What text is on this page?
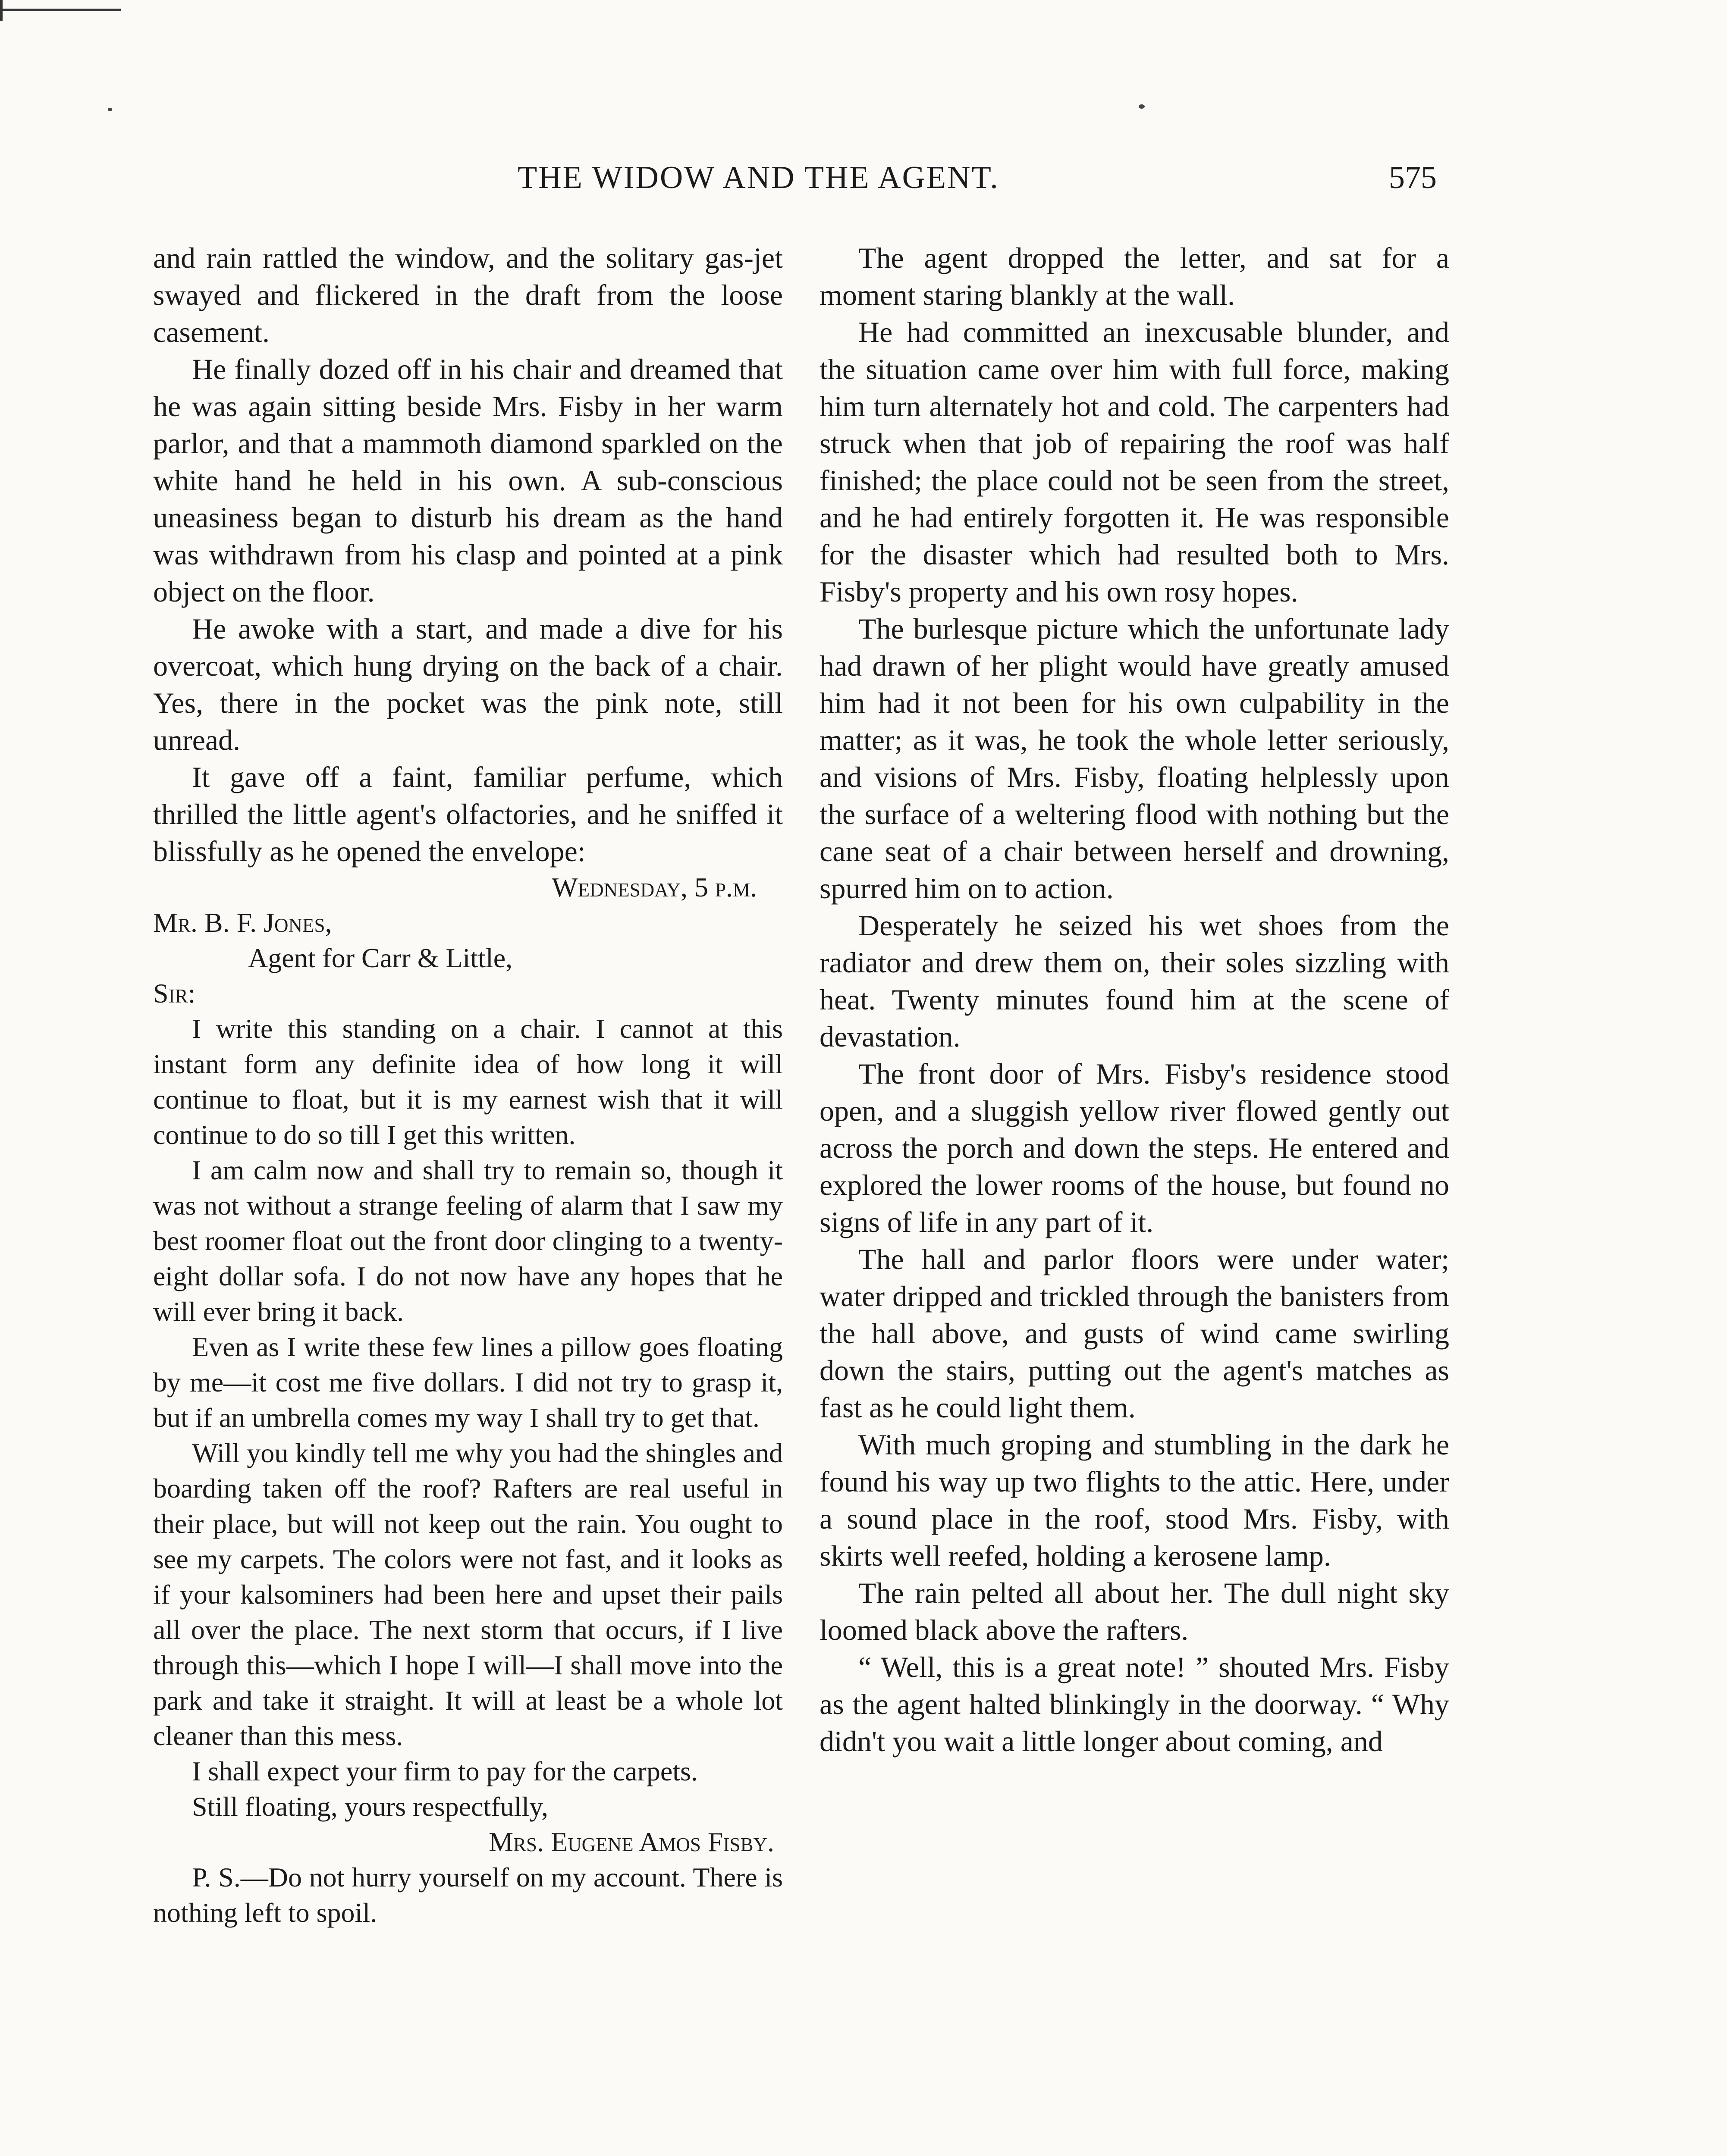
THE WIDOW AND THE AGENT.	575

and rain rattled the window, and the solitary gas-jet swayed and flickered in the draft from the loose casement.

He finally dozed off in his chair and dreamed that he was again sitting beside Mrs. Fisby in her warm parlor, and that a mammoth diamond sparkled on the white hand he held in his own. A sub-conscious uneasiness began to disturb his dream as the hand was withdrawn from his clasp and pointed at a pink object on the floor.

He awoke with a start, and made a dive for his overcoat, which hung drying on the back of a chair. Yes, there in the pocket was the pink note, still unread.

It gave off a faint, familiar perfume, which thrilled the little agent's olfactories, and he sniffed it blissfully as he opened the envelope:

Wednesday, 5 p.m.

Mr. B. F. Jones,

Agent for Carr & Little,

Sir:

I write this standing on a chair. I cannot at this instant form any definite idea of how long it will continue to float, but it is my earnest wish that it will continue to do so till I get this written.

I am calm now and shall try to remain so, though it was not without a strange feeling of alarm that I saw my best roomer float out the front door clinging to a twenty-eight dollar sofa. I do not now have any hopes that he will ever bring it back.

Even as I write these few lines a pillow goes floating by me—it cost me five dollars. I did not try to grasp it, but if an umbrella comes my way I shall try to get that.

Will you kindly tell me why you had the shingles and boarding taken off the roof? Rafters are real useful in their place, but will not keep out the rain. You ought to see my carpets. The colors were not fast, and it looks as if your kalsominers had been here and upset their pails all over the place. The next storm that occurs, if I live through this—which I hope I will—I shall move into the park and take it straight. It will at least be a whole lot cleaner than this mess.

I shall expect your firm to pay for the carpets.

Still floating, yours respectfully,

Mrs. Eugene Amos Fisby.

P. S.—Do not hurry yourself on my account. There is nothing left to spoil.

The agent dropped the letter, and sat for a moment staring blankly at the wall.

He had committed an inexcusable blunder, and the situation came over him with full force, making him turn alternately hot and cold. The carpenters had struck when that job of repairing the roof was half finished; the place could not be seen from the street, and he had entirely forgotten it. He was responsible for the disaster which had resulted both to Mrs. Fisby's property and his own rosy hopes.

The burlesque picture which the unfortunate lady had drawn of her plight would have greatly amused him had it not been for his own culpability in the matter; as it was, he took the whole letter seriously, and visions of Mrs. Fisby, floating helplessly upon the surface of a weltering flood with nothing but the cane seat of a chair between herself and drowning, spurred him on to action.

Desperately he seized his wet shoes from the radiator and drew them on, their soles sizzling with heat. Twenty minutes found him at the scene of devastation.

The front door of Mrs. Fisby's residence stood open, and a sluggish yellow river flowed gently out across the porch and down the steps. He entered and explored the lower rooms of the house, but found no signs of life in any part of it.

The hall and parlor floors were under water; water dripped and trickled through the banisters from the hall above, and gusts of wind came swirling down the stairs, putting out the agent's matches as fast as he could light them.

With much groping and stumbling in the dark he found his way up two flights to the attic. Here, under a sound place in the roof, stood Mrs. Fisby, with skirts well reefed, holding a kerosene lamp.

The rain pelted all about her. The dull night sky loomed black above the rafters.

“ Well, this is a great note! ” shouted Mrs. Fisby as the agent halted blinkingly in the doorway. “ Why didn't you wait a little longer about coming, and
